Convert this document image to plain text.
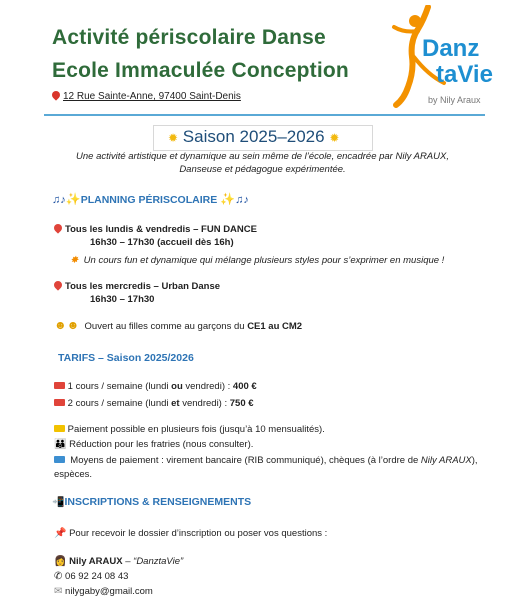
Activité périscolaire Danse
Ecole Immaculée Conception
12 Rue Sainte-Anne, 97400 Saint-Denis
Danz
taVie
by Nily Araux
✹ Saison 2025–2026 ✹
Une activité artistique et dynamique au sein même de l’école, encadrée par Nily ARAUX,
Danseuse et pédagogue expérimentée.
♫♪✨PLANNING PÉRISCOLAIRE ✨♫♪
Tous les lundis & vendredis – FUN DANCE
16h30 – 17h30 (accueil dès 16h)
✸ Un cours fun et dynamique qui mélange plusieurs styles pour s’exprimer en musique !
Tous les mercredis – Urban Danse
16h30 – 17h30
☻☻ Ouvert au filles comme au garçons du CE1 au CM2
TARIFS – Saison 2025/2026
1 cours / semaine (lundi ou vendredi) : 400 €
2 cours / semaine (lundi et vendredi) : 750 €
Paiement possible en plusieurs fois (jusqu’à 10 mensualités).
👪 Réduction pour les fratries (nous consulter).
Moyens de paiement : virement bancaire (RIB communiqué), chèques (à l’ordre de Nily ARAUX),
espèces.
📲INSCRIPTIONS & RENSEIGNEMENTS
📌 Pour recevoir le dossier d’inscription ou poser vos questions :
👩 Nily ARAUX – “DanztaVie”
✆ 06 92 24 08 43
✉ nilygaby@gmail.com
